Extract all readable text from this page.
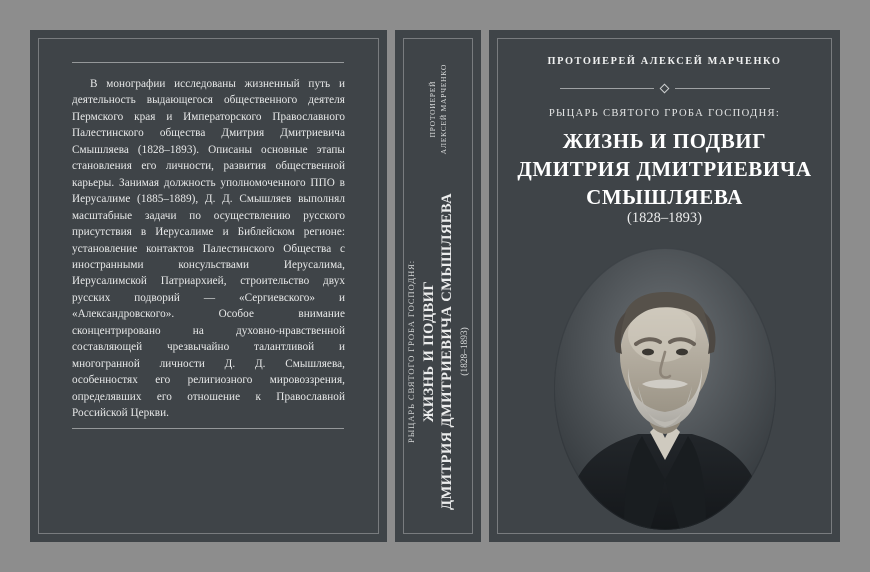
В монографии исследованы жизненный путь и деятельность выдающегося общественного деятеля Пермского края и Императорского Православного Палестинского общества Дмитрия Дмитриевича Смышляева (1828–1893). Описаны основные этапы становления его личности, развития общественной карьеры. Занимая должность уполномоченного ППО в Иерусалиме (1885–1889), Д. Д. Смышляев выполнял масштабные задачи по осуществлению русского присутствия в Иерусалиме и Библейском регионе: установление контактов Палестинского Общества с иностранными консульствами Иерусалима, Иерусалимской Патриархией, строительство двух русских подворий — «Сергиевского» и «Александровского». Особое внимание сконцентрировано на духовно-нравственной составляющей чрезвычайно талантливой и многогранной личности Д. Д. Смышляева, особенностях его религиозного мировоззрения, определявших его отношение к Православной Российской Церкви.	РЫЦАРЬ СВЯТОГО ГРОБА ГОСПОДНЯ: ЖИЗНЬ И ПОДВИГ ДМИТРИЯ ДМИТРИЕВИЧА СМЫШЛЯЕВА (1828–1893)
ПРОТОИЕРЕЙ АЛЕКСЕЙ МАРЧЕНКО
ПРОТОИЕРЕЙ АЛЕКСЕЙ МАРЧЕНКО
РЫЦАРЬ СВЯТОГО ГРОБА ГОСПОДНЯ:
ЖИЗНЬ И ПОДВИГ
ДМИТРИЯ ДМИТРИЕВИЧА
СМЫШЛЯЕВА
(1828–1893)
